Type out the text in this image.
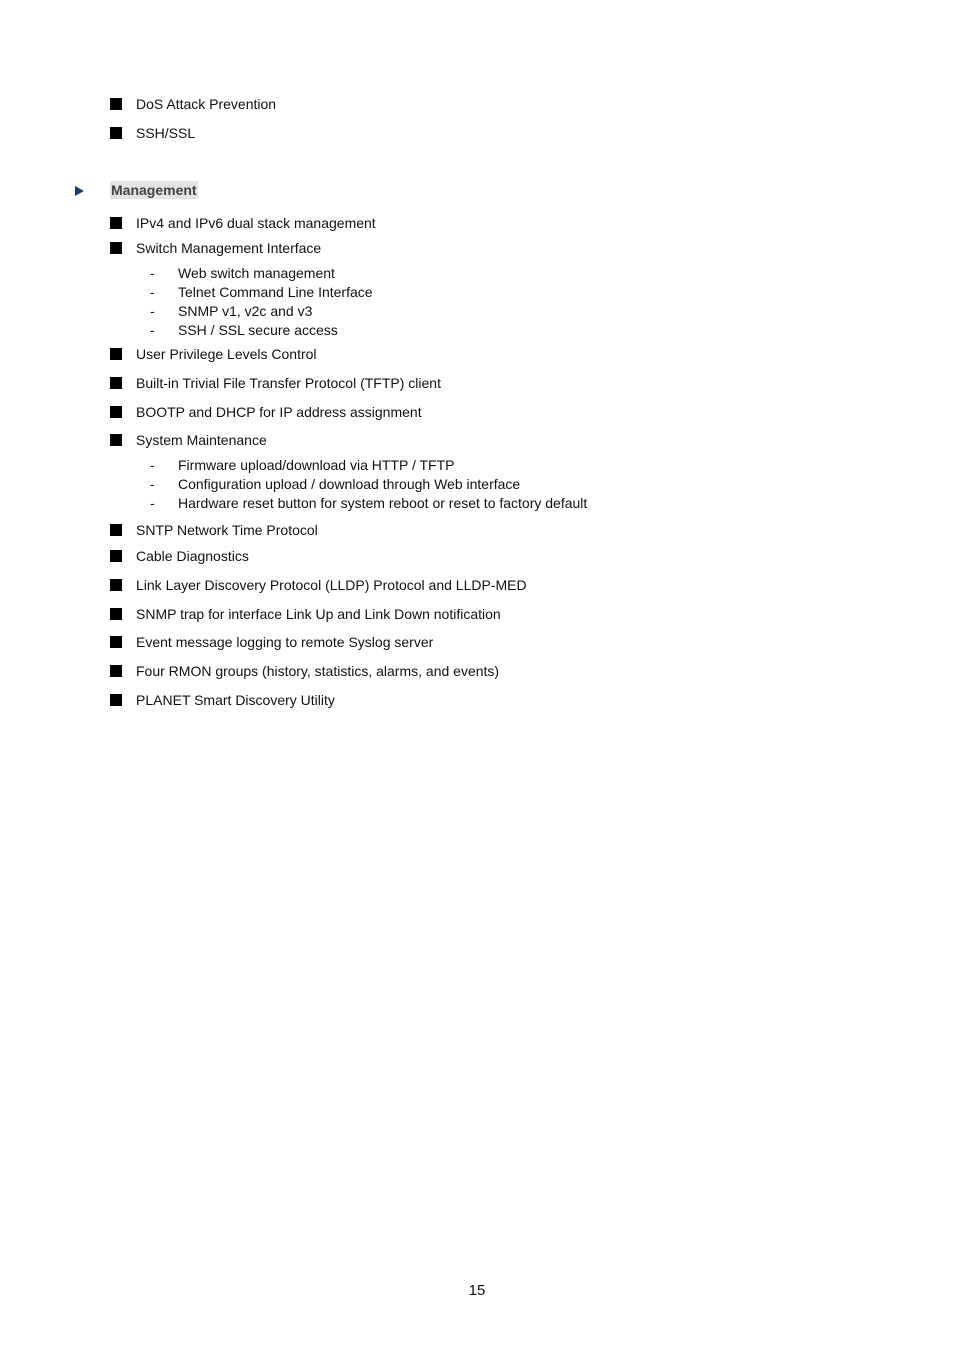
DoS Attack Prevention
SSH/SSL
Management
IPv4 and IPv6 dual stack management
Switch Management Interface
- Web switch management
- Telnet Command Line Interface
- SNMP v1, v2c and v3
- SSH / SSL secure access
User Privilege Levels Control
Built-in Trivial File Transfer Protocol (TFTP) client
BOOTP and DHCP for IP address assignment
System Maintenance
- Firmware upload/download via HTTP / TFTP
- Configuration upload / download through Web interface
- Hardware reset button for system reboot or reset to factory default
SNTP Network Time Protocol
Cable Diagnostics
Link Layer Discovery Protocol (LLDP) Protocol and LLDP-MED
SNMP trap for interface Link Up and Link Down notification
Event message logging to remote Syslog server
Four RMON groups (history, statistics, alarms, and events)
PLANET Smart Discovery Utility
15
